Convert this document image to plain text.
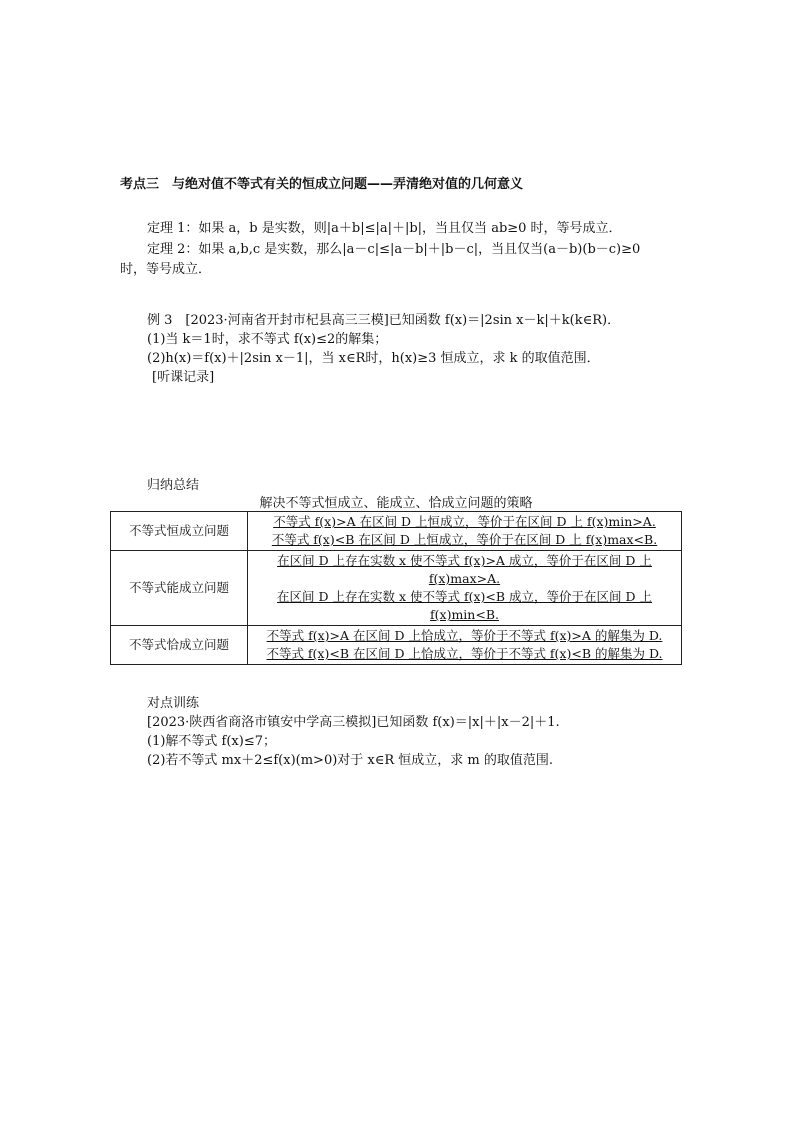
考点三　与绝对值不等式有关的恒成立问题——弄清绝对值的几何意义
定理 1：如果 a，b 是实数，则|a＋b|≤|a|＋|b|，当且仅当 ab≥0 时，等号成立．
定理 2：如果 a,b,c 是实数，那么|a－c|≤|a－b|＋|b－c|，当且仅当(a－b)(b－c)≥0
时，等号成立．
例 3　[2023·河南省开封市杞县高三三模]已知函数 f(x)＝|2sin x－k|＋k(k∈R)．
(1)当 k＝1时，求不等式 f(x)≤2的解集；
(2)h(x)＝f(x)＋|2sin x－1|，当 x∈R时，h(x)≥3 恒成立，求 k 的取值范围．
[听课记录]
归纳总结
解决不等式恒成立、能成立、恰成立问题的策略
不等式恒成立问题	不等式 f(x)>A 在区间 D 上恒成立，等价于在区间 D 上 f(x)min>A.
不等式 f(x)<B 在区间 D 上恒成立，等价于在区间 D 上 f(x)max<B.

不等式能成立问题	在区间 D 上存在实数 x 使不等式 f(x)>A 成立，等价于在区间 D 上
f(x)max>A.
在区间 D 上存在实数 x 使不等式 f(x)<B 成立，等价于在区间 D 上
f(x)min<B.

不等式恰成立问题	不等式 f(x)>A 在区间 D 上恰成立，等价于不等式 f(x)>A 的解集为 D.
不等式 f(x)<B 在区间 D 上恰成立，等价于不等式 f(x)<B 的解集为 D.
对点训练
[2023·陕西省商洛市镇安中学高三模拟]已知函数 f(x)＝|x|＋|x－2|＋1.
(1)解不等式 f(x)≤7；
(2)若不等式 mx＋2≤f(x)(m>0)对于 x∈R 恒成立，求 m 的取值范围.
